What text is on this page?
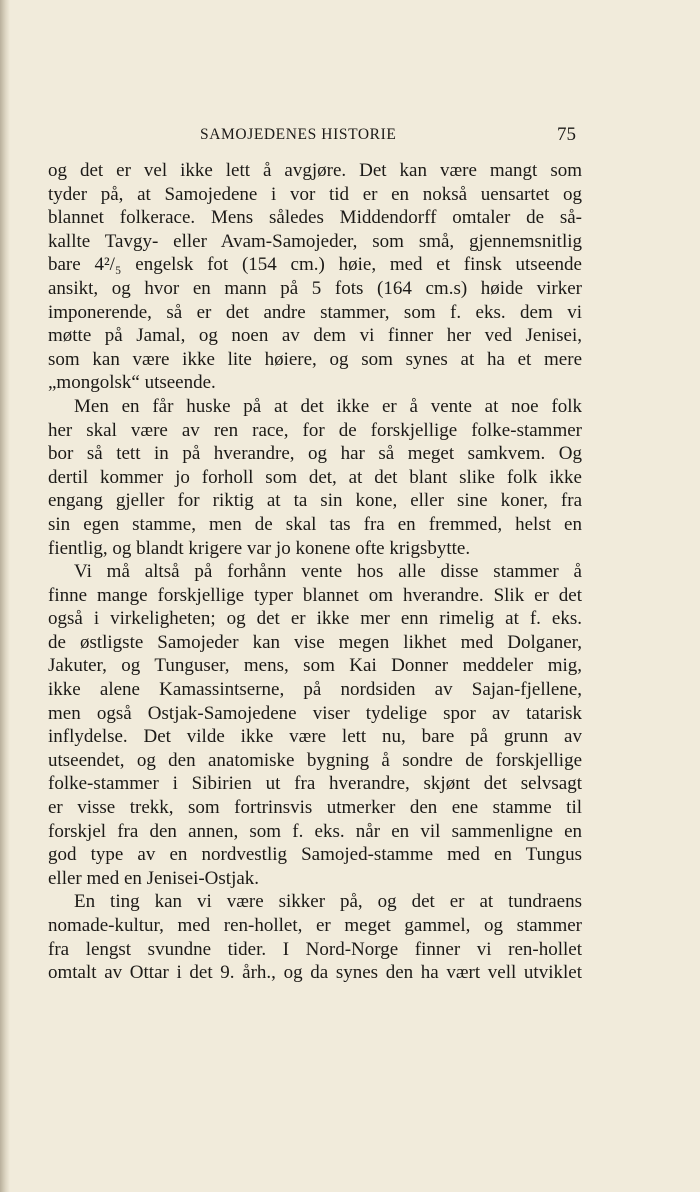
SAMOJEDENES HISTORIE	75
og det er vel ikke lett å avgjøre. Det kan være mangt som
tyder på, at Samojedene i vor tid er en nokså uensartet og
blannet folkerace. Mens således Middendorff omtaler de så-
kallte Tavgy- eller Avam-Samojeder, som små, gjennemsnitlig
bare 4²/₅ engelsk fot (154 cm.) høie, med et finsk utseende
ansikt, og hvor en mann på 5 fots (164 cm.s) høide virker
imponerende, så er det andre stammer, som f. eks. dem vi
møtte på Jamal, og noen av dem vi finner her ved Jenisei,
som kan være ikke lite høiere, og som synes at ha et mere
„mongolsk“ utseende.
Men en får huske på at det ikke er å vente at noe folk
her skal være av ren race, for de forskjellige folke-stammer
bor så tett in på hverandre, og har så meget samkvem. Og
dertil kommer jo forholl som det, at det blant slike folk ikke
engang gjeller for riktig at ta sin kone, eller sine koner, fra
sin egen stamme, men de skal tas fra en fremmed, helst en
fientlig, og blandt krigere var jo konene ofte krigsbytte.
Vi må altså på forhånn vente hos alle disse stammer å
finne mange forskjellige typer blannet om hverandre. Slik er det
også i virkeligheten; og det er ikke mer enn rimelig at f. eks.
de østligste Samojeder kan vise megen likhet med Dolganer,
Jakuter, og Tunguser, mens, som Kai Donner meddeler mig,
ikke alene Kamassintserne, på nordsiden av Sajan-fjellene,
men også Ostjak-Samojedene viser tydelige spor av tatarisk
inflydelse. Det vilde ikke være lett nu, bare på grunn av
utseendet, og den anatomiske bygning å sondre de forskjellige
folke-stammer i Sibirien ut fra hverandre, skjønt det selvsagt
er visse trekk, som fortrinsvis utmerker den ene stamme til
forskjel fra den annen, som f. eks. når en vil sammenligne en
god type av en nordvestlig Samojed-stamme med en Tungus
eller med en Jenisei-Ostjak.
En ting kan vi være sikker på, og det er at tundraens
nomade-kultur, med ren-hollet, er meget gammel, og stammer
fra lengst svundne tider. I Nord-Norge finner vi ren-hollet
omtalt av Ottar i det 9. årh., og da synes den ha vært vell utviklet
